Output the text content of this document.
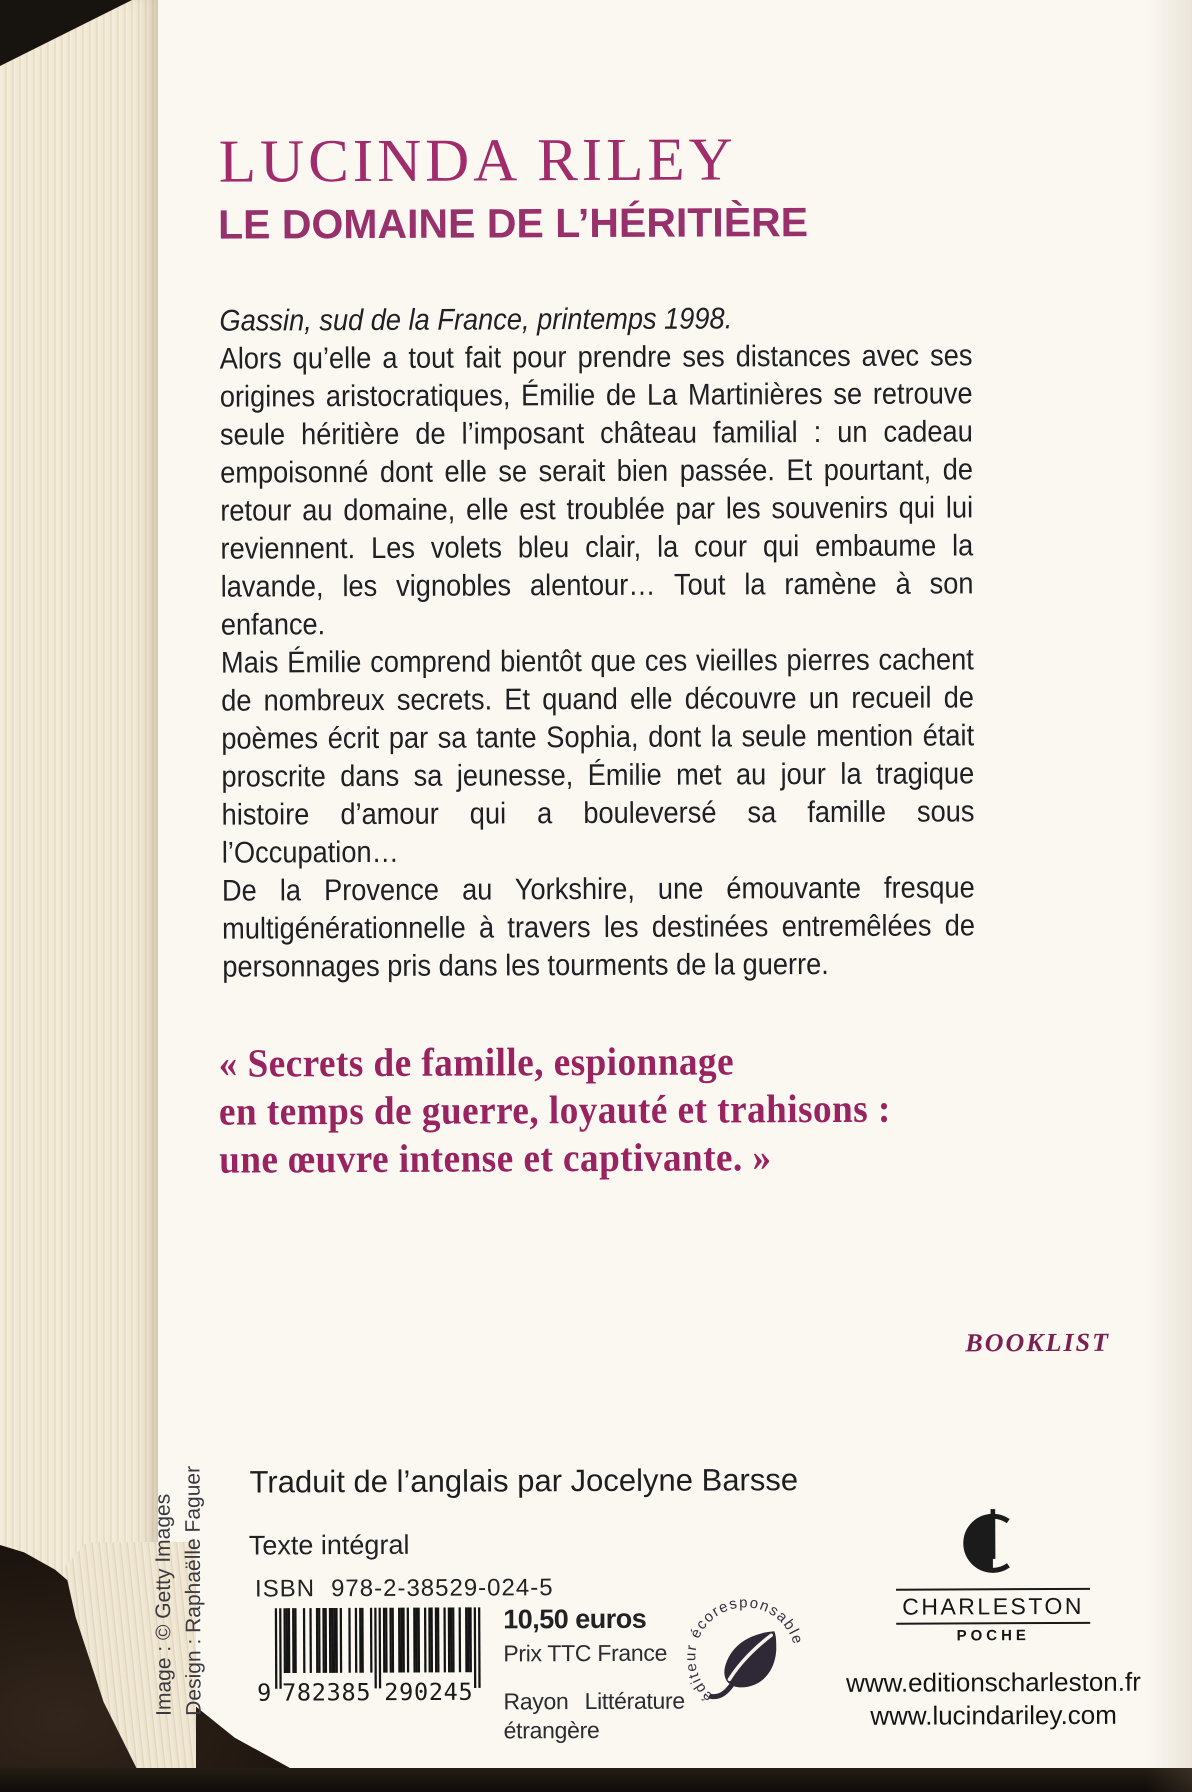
LUCINDA RILEY
LE DOMAINE DE L’HÉRITIÈRE

Gassin, sud de la France, printemps 1998.

Alors qu’elle a tout fait pour prendre ses distances avec ses origines aristocratiques, Émilie de La Martinières se retrouve seule héritière de l’imposant château familial : un cadeau empoisonné dont elle se serait bien passée. Et pourtant, de retour au domaine, elle est troublée par les souvenirs qui lui reviennent. Les volets bleu clair, la cour qui embaume la lavande, les vignobles alentour… Tout la ramène à son enfance.

Mais Émilie comprend bientôt que ces vieilles pierres cachent de nombreux secrets. Et quand elle découvre un recueil de poèmes écrit par sa tante Sophia, dont la seule mention était proscrite dans sa jeunesse, Émilie met au jour la tragique histoire d’amour qui a bouleversé sa famille sous l’Occupation…

De la Provence au Yorkshire, une émouvante fresque multigénérationnelle à travers les destinées entremêlées de personnages pris dans les tourments de la guerre.

« Secrets de famille, espionnage
en temps de guerre, loyauté et trahisons :
une œuvre intense et captivante. »
BOOKLIST
Traduit de l’anglais par Jocelyne Barsse
Texte intégral
ISBN 978-2-38529-024-5
9 782385 290245
10,50 euros
Prix TTC France
Rayon Littérature
étrangère
éditeur écoresponsable
CHARLESTON
POCHE
www.editionscharleston.fr
www.lucindariley.com
Image : © Getty Images Design : Raphaëlle Faguer
